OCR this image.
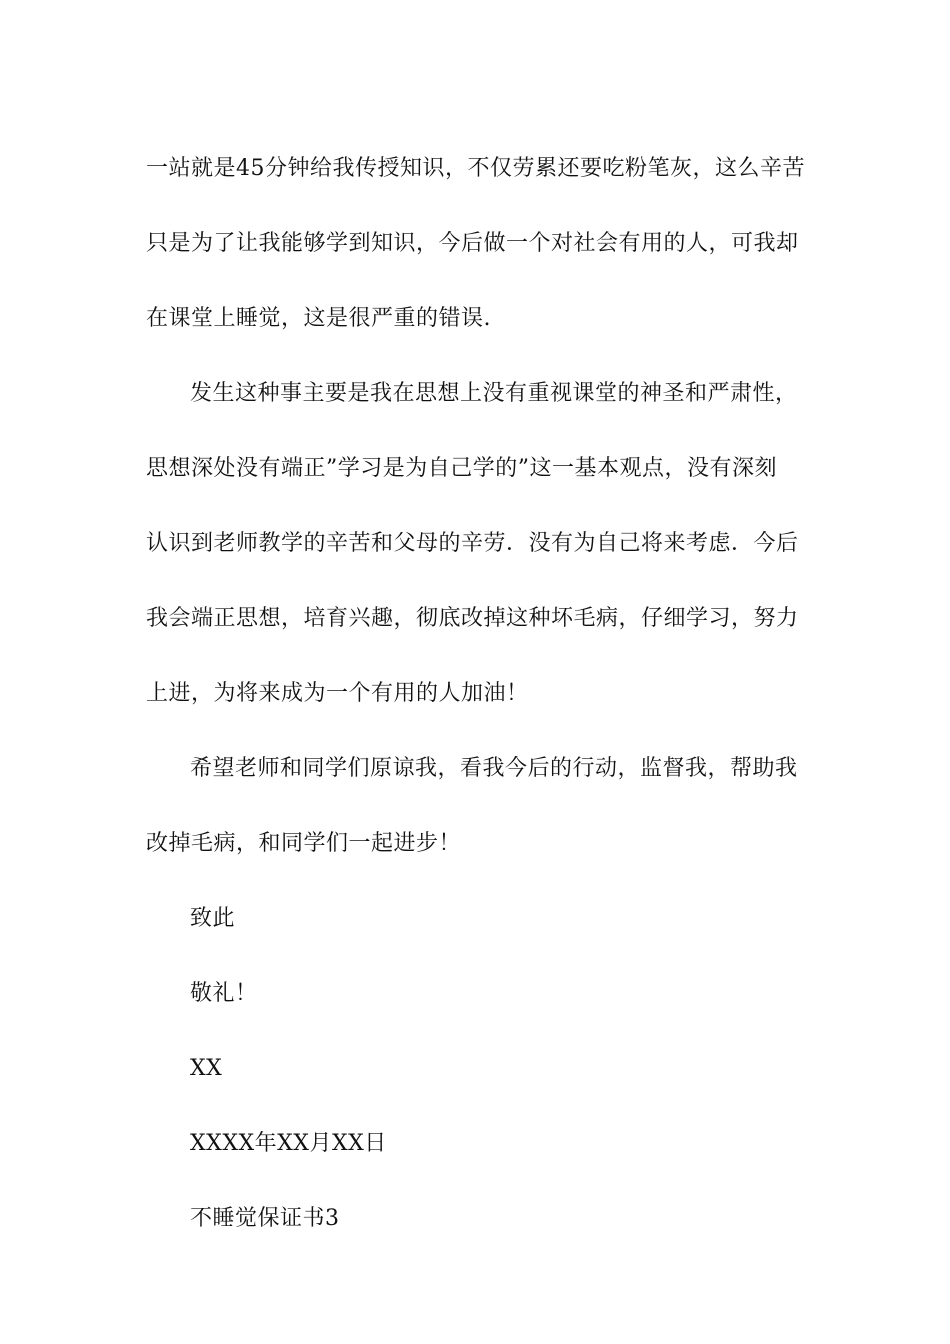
一站就是45分钟给我传授知识，不仅劳累还要吃粉笔灰，这么辛苦
只是为了让我能够学到知识，今后做一个对社会有用的人，可我却
在课堂上睡觉，这是很严重的错误.
发生这种事主要是我在思想上没有重视课堂的神圣和严肃性，
思想深处没有端正”学习是为自己学的”这一基本观点，没有深刻
认识到老师教学的辛苦和父母的辛劳．没有为自己将来考虑．今后
我会端正思想，培育兴趣，彻底改掉这种坏毛病，仔细学习，努力
上进，为将来成为一个有用的人加油！
希望老师和同学们原谅我，看我今后的行动，监督我，帮助我
改掉毛病，和同学们一起进步！
致此
敬礼！
XX
XXXX年XX月XX日
不睡觉保证书3
